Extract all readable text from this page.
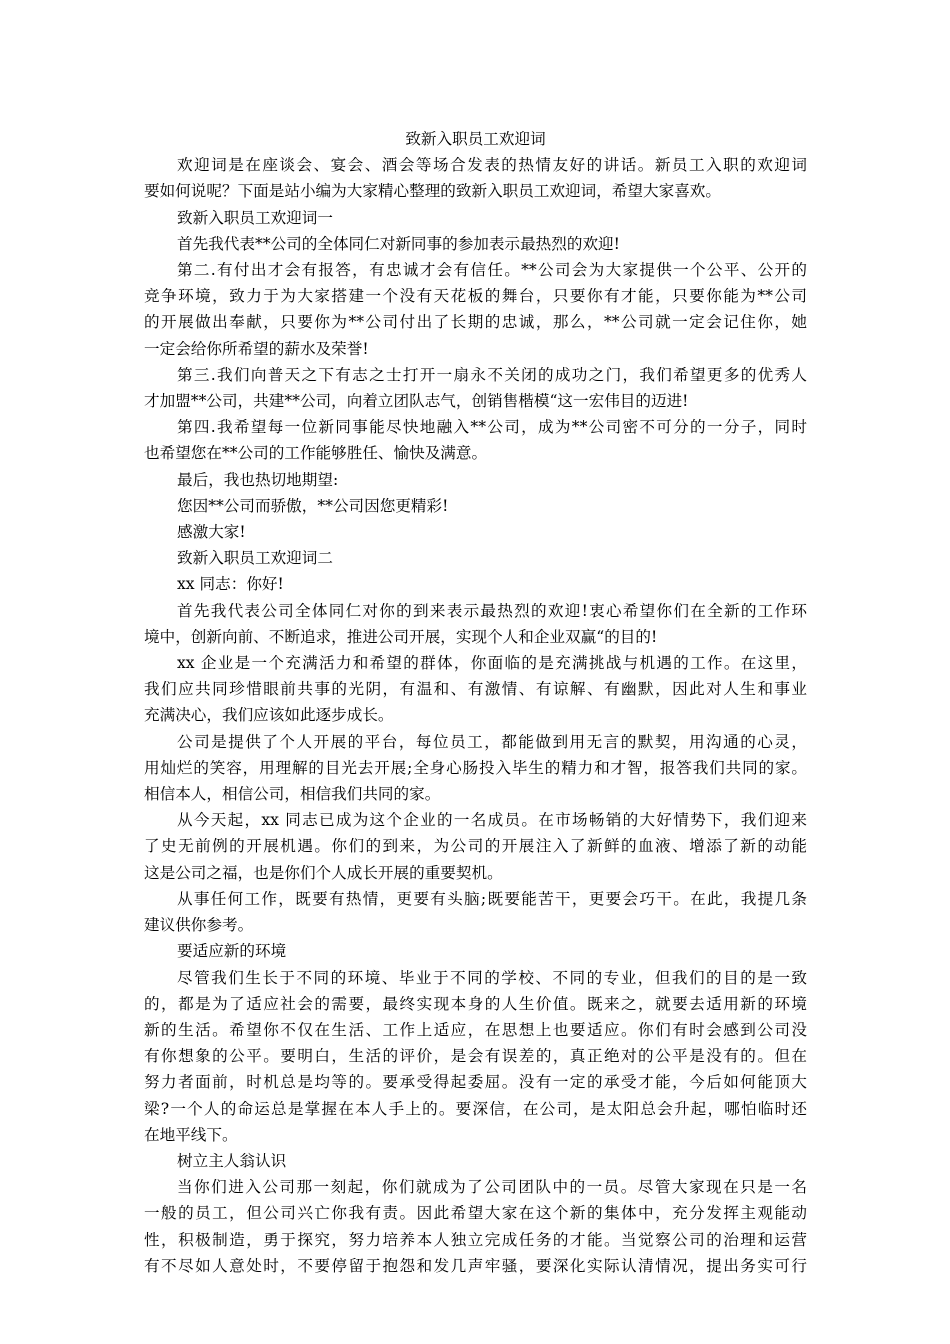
致新入职员工欢迎词

欢迎词是在座谈会、宴会、酒会等场合发表的热情友好的讲话。新员工入职的欢迎词

要如何说呢？下面是站小编为大家精心整理的致新入职员工欢迎词，希望大家喜欢。

致新入职员工欢迎词一

首先我代表**公司的全体同仁对新同事的参加表示最热烈的欢迎!

第二.有付出才会有报答，有忠诚才会有信任。**公司会为大家提供一个公平、公开的

竞争环境，致力于为大家搭建一个没有天花板的舞台，只要你有才能，只要你能为**公司

的开展做出奉献，只要你为**公司付出了长期的忠诚，那么，**公司就一定会记住你，她

一定会给你所希望的薪水及荣誉!

第三.我们向普天之下有志之士打开一扇永不关闭的成功之门，我们希望更多的优秀人

才加盟**公司，共建**公司，向着立团队志气，创销售楷模“这一宏伟目的迈进!

第四.我希望每一位新同事能尽快地融入**公司，成为**公司密不可分的一分子，同时

也希望您在**公司的工作能够胜任、愉快及满意。

最后，我也热切地期望:

您因**公司而骄傲，**公司因您更精彩!

感激大家!

致新入职员工欢迎词二

xx 同志：你好!

首先我代表公司全体同仁对你的到来表示最热烈的欢迎!衷心希望你们在全新的工作环

境中，创新向前、不断追求，推进公司开展，实现个人和企业双赢“的目的!

xx 企业是一个充满活力和希望的群体，你面临的是充满挑战与机遇的工作。在这里，

我们应共同珍惜眼前共事的光阴，有温和、有激情、有谅解、有幽默，因此对人生和事业

充满决心，我们应该如此逐步成长。

公司是提供了个人开展的平台，每位员工，都能做到用无言的默契，用沟通的心灵，

用灿烂的笑容，用理解的目光去开展;全身心肠投入毕生的精力和才智，报答我们共同的家。

相信本人，相信公司，相信我们共同的家。

从今天起，xx 同志已成为这个企业的一名成员。在市场畅销的大好情势下，我们迎来

了史无前例的开展机遇。你们的到来，为公司的开展注入了新鲜的血液、增添了新的动能

这是公司之福，也是你们个人成长开展的重要契机。

从事任何工作，既要有热情，更要有头脑;既要能苦干，更要会巧干。在此，我提几条

建议供你参考。

要适应新的环境

尽管我们生长于不同的环境、毕业于不同的学校、不同的专业，但我们的目的是一致

的，都是为了适应社会的需要，最终实现本身的人生价值。既来之，就要去适用新的环境

新的生活。希望你不仅在生活、工作上适应，在思想上也要适应。你们有时会感到公司没

有你想象的公平。要明白，生活的评价，是会有误差的，真正绝对的公平是没有的。但在

努力者面前，时机总是均等的。要承受得起委屈。没有一定的承受才能，今后如何能顶大

梁?一个人的命运总是掌握在本人手上的。要深信，在公司，是太阳总会升起，哪怕临时还

在地平线下。

树立主人翁认识

当你们进入公司那一刻起，你们就成为了公司团队中的一员。尽管大家现在只是一名

一般的员工，但公司兴亡你我有责。因此希望大家在这个新的集体中，充分发挥主观能动

性，积极制造，勇于探究，努力培养本人独立完成任务的才能。当觉察公司的治理和运营

有不尽如人意处时，不要停留于抱怨和发几声牢骚，要深化实际认清情况，提出务实可行
